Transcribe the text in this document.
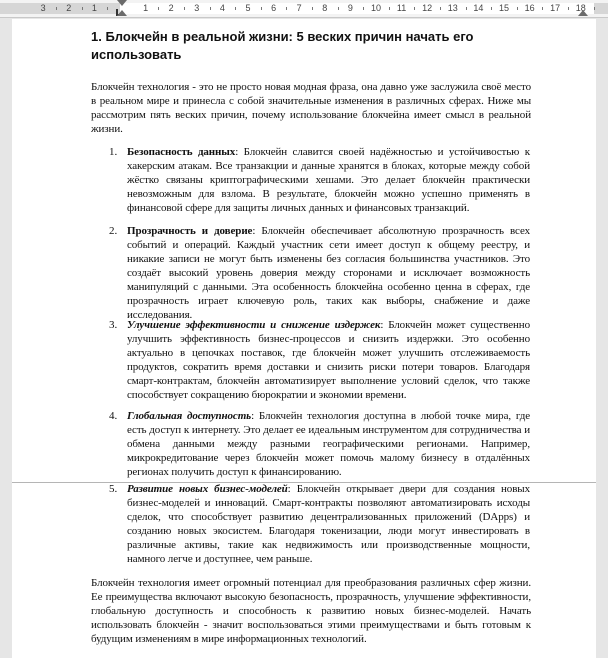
3 2 1	1 2 3 4 5 6 7 8 9 10 11 12 13 14 15 16 17 18
1. Блокчейн в реальной жизни: 5 веских причин начать его использовать
Блокчейн технология - это не просто новая модная фраза, она давно уже заслужила своё место в реальном мире и принесла с собой значительные изменения в различных сферах. Ниже мы рассмотрим пять веских причин, почему использование блокчейна имеет смысл в реальной жизни.
1. Безопасность данных: Блокчейн славится своей надёжностью и устойчивостью к хакерским атакам. Все транзакции и данные хранятся в блоках, которые между собой жёстко связаны криптографическими хешами. Это делает блокчейн практически невозможным для взлома. В результате, блокчейн можно успешно применять в финансовой сфере для защиты личных данных и финансовых транзакций.
2. Прозрачность и доверие: Блокчейн обеспечивает абсолютную прозрачность всех событий и операций. Каждый участник сети имеет доступ к общему реестру, и никакие записи не могут быть изменены без согласия большинства участников. Это создаёт высокий уровень доверия между сторонами и исключает возможность манипуляций с данными. Эта особенность блокчейна особенно ценна в сферах, где прозрачность играет ключевую роль, таких как выборы, снабжение и даже исследования.
3. Улучшение эффективности и снижение издержек: Блокчейн может существенно улучшить эффективность бизнес-процессов и снизить издержки. Это особенно актуально в цепочках поставок, где блокчейн может улучшить отслеживаемость продуктов, сократить время доставки и снизить риски потери товаров. Благодаря смарт-контрактам, блокчейн автоматизирует выполнение условий сделок, что также способствует сокращению бюрократии и экономии времени.
4. Глобальная доступность: Блокчейн технология доступна в любой точке мира, где есть доступ к интернету. Это делает ее идеальным инструментом для сотрудничества и обмена данными между разными географическими регионами. Например, микрокредитование через блокчейн может помочь малому бизнесу в отдалённых регионах получить доступ к финансированию.
5. Развитие новых бизнес-моделей: Блокчейн открывает двери для создания новых бизнес-моделей и инноваций. Смарт-контракты позволяют автоматизировать исходы сделок, что способствует развитию децентрализованных приложений (DApps) и созданию новых экосистем. Благодаря токенизации, люди могут инвестировать в различные активы, такие как недвижимость или производственные мощности, намного легче и доступнее, чем раньше.
Блокчейн технология имеет огромный потенциал для преобразования различных сфер жизни. Ее преимущества включают высокую безопасность, прозрачность, улучшение эффективности, глобальную доступность и способность к развитию новых бизнес-моделей. Начать использовать блокчейн - значит воспользоваться этими преимуществами и быть готовым к будущим изменениям в мире информационных технологий.
